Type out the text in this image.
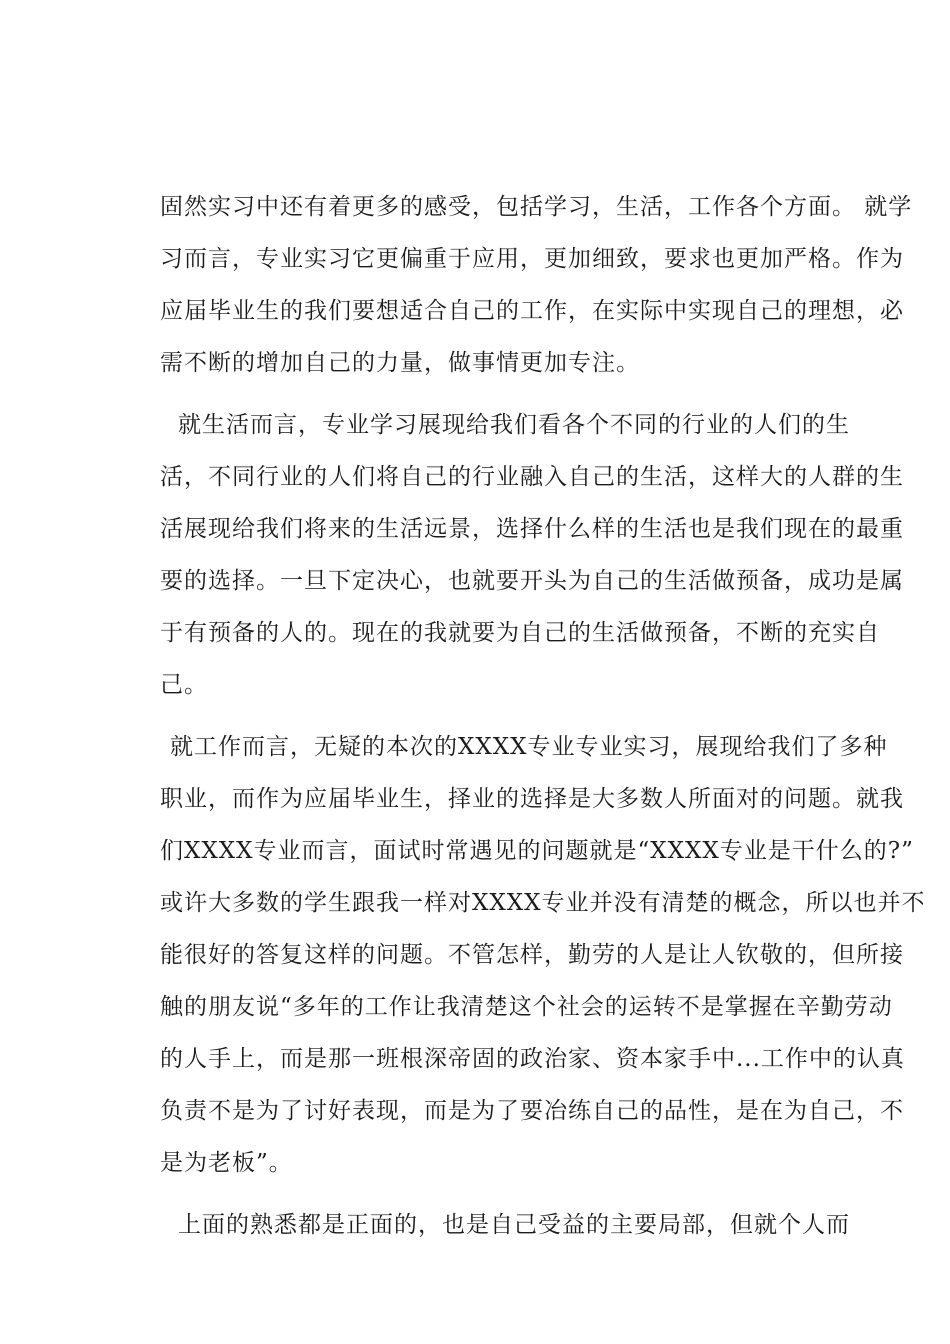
固然实习中还有着更多的感受，包括学习，生活，工作各个方面。 就学
习而言，专业实习它更偏重于应用，更加细致，要求也更加严格。作为
应届毕业生的我们要想适合自己的工作，在实际中实现自己的理想，必
需不断的增加自己的力量，做事情更加专注。
就生活而言，专业学习展现给我们看各个不同的行业的人们的生
活，不同行业的人们将自己的行业融入自己的生活，这样大的人群的生
活展现给我们将来的生活远景，选择什么样的生活也是我们现在的最重
要的选择。一旦下定决心，也就要开头为自己的生活做预备，成功是属
于有预备的人的。现在的我就要为自己的生活做预备，不断的充实自
己。
就工作而言，无疑的本次的XXXX专业专业实习，展现给我们了多种
职业，而作为应届毕业生，择业的选择是大多数人所面对的问题。就我
们XXXX专业而言，面试时常遇见的问题就是“XXXX专业是干什么的?”
或许大多数的学生跟我一样对XXXX专业并没有清楚的概念，所以也并不
能很好的答复这样的问题。不管怎样，勤劳的人是让人钦敬的，但所接
触的朋友说“多年的工作让我清楚这个社会的运转不是掌握在辛勤劳动
的人手上，而是那一班根深帝固的政治家、资本家手中...工作中的认真
负责不是为了讨好表现，而是为了要冶练自己的品性，是在为自己，不
是为老板”。
上面的熟悉都是正面的，也是自己受益的主要局部，但就个人而
